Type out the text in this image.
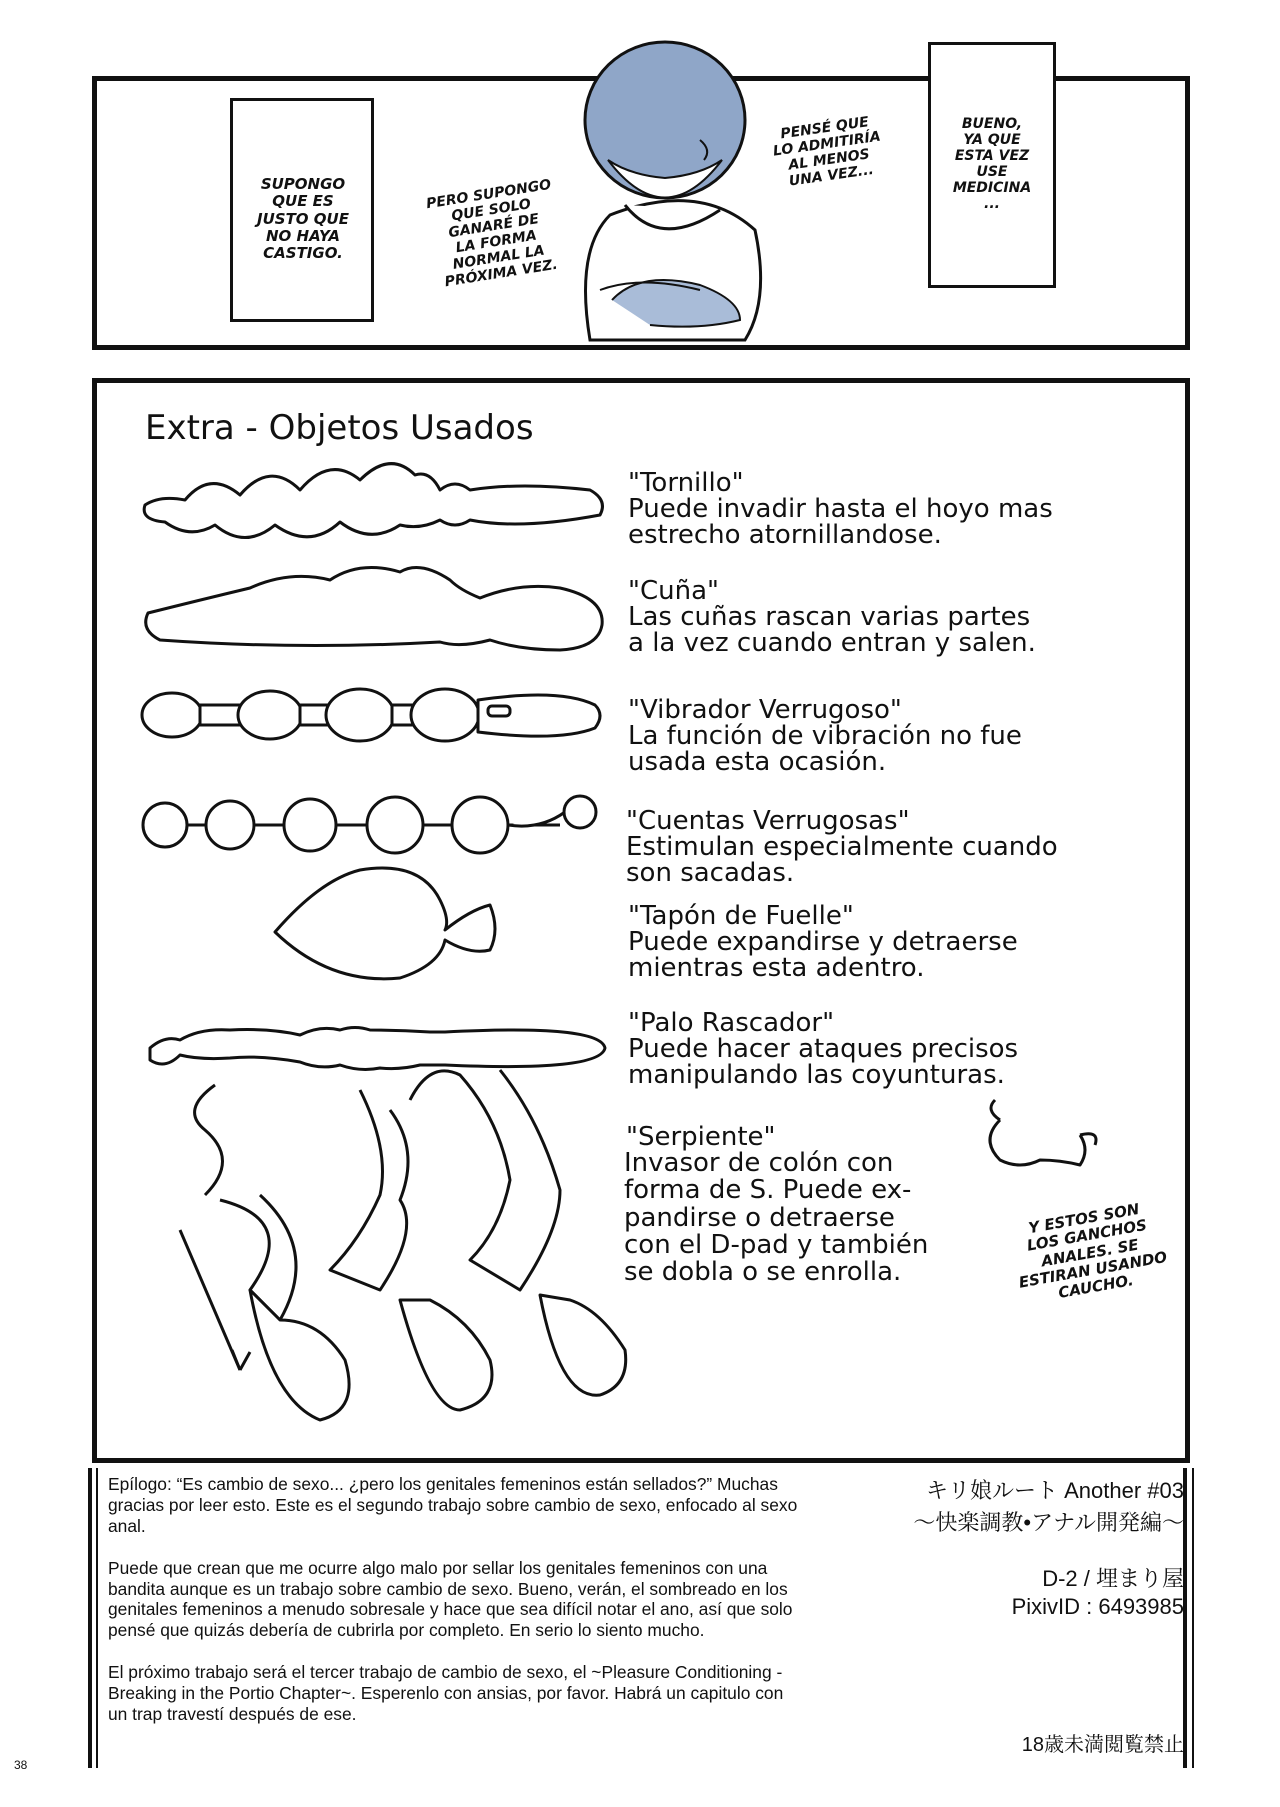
SUPONGO
QUE ES
JUSTO QUE
NO HAYA
CASTIGO.
PERO SUPONGO
QUE SOLO
GANARÉ DE
LA FORMA
NORMAL LA
PRÓXIMA VEZ.
PENSÉ QUE
LO ADMITIRÍA
AL MENOS
UNA VEZ...
BUENO,
YA QUE
ESTA VEZ
USE
MEDICINA
...
Extra - Objetos Usados
"Tornillo"
Puede invadir hasta el hoyo mas
estrecho atornillandose.
"Cuña"
Las cuñas rascan varias partes
a la vez cuando entran y salen.
"Vibrador Verrugoso"
La función de vibración no fue
usada esta ocasión.
"Cuentas Verrugosas"
Estimulan especialmente cuando
son sacadas.
"Tapón de Fuelle"
Puede expandirse y detraerse
mientras esta adentro.
"Palo Rascador"
Puede hacer ataques precisos
manipulando las coyunturas.
"Serpiente"
Invasor de colón con
forma de S. Puede ex-
pandirse o detraerse
con el D-pad y también
se dobla o se enrolla.
Y ESTOS SON
LOS GANCHOS
ANALES. SE
ESTIRAN USANDO
CAUCHO.

Epílogo: “Es cambio de sexo... ¿pero los genitales femeninos están sellados?” Muchas gracias por leer esto. Este es el segundo trabajo sobre cambio de sexo, enfocado al sexo anal.

Puede que crean que me ocurre algo malo por sellar los genitales femeninos con una bandita aunque es un trabajo sobre cambio de sexo. Bueno, verán, el sombreado en los genitales femeninos a menudo sobresale y hace que sea difícil notar el ano, así que solo pensé que quizás debería de cubrirla por completo. En serio lo siento mucho.

El próximo trabajo será el tercer trabajo de cambio de sexo, el ~Pleasure Conditioning - Breaking in the Portio Chapter~. Esperenlo con ansias, por favor. Habrá un capitulo con un trap travestí después de ese.

キリ娘ルート Another #03
〜快楽調教•アナル開発編〜
D-2 / 埋まり屋
PixivID : 6493985
18歳未満閲覧禁止
38
